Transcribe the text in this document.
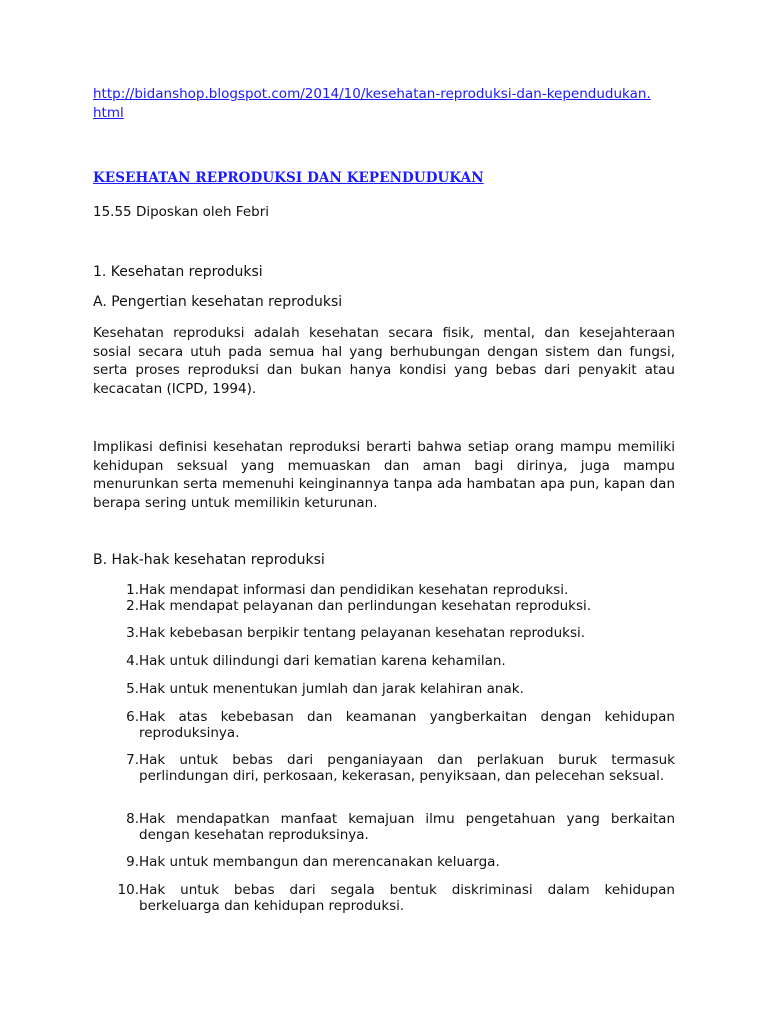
http://bidanshop.blogspot.com/2014/10/kesehatan-reproduksi-dan-kependudukan.html
KESEHATAN REPRODUKSI DAN KEPENDUDUKAN
15.55 Diposkan oleh Febri
1. Kesehatan reproduksi
A. Pengertian kesehatan reproduksi
Kesehatan reproduksi adalah kesehatan secara fisik, mental, dan kesejahteraan sosial secara utuh pada semua hal yang berhubungan dengan sistem dan fungsi, serta proses reproduksi dan bukan hanya kondisi yang bebas dari penyakit atau kecacatan (ICPD, 1994).
Implikasi definisi kesehatan reproduksi berarti bahwa setiap orang mampu memiliki kehidupan seksual yang memuaskan dan aman bagi dirinya, juga mampu menurunkan serta memenuhi keinginannya tanpa ada hambatan apa pun, kapan dan berapa sering untuk memilikin keturunan.
B. Hak-hak kesehatan reproduksi
1. Hak mendapat informasi dan pendidikan kesehatan reproduksi.
2. Hak mendapat pelayanan dan perlindungan kesehatan reproduksi.
3. Hak kebebasan berpikir tentang pelayanan kesehatan reproduksi.
4. Hak untuk dilindungi dari kematian karena kehamilan.
5. Hak untuk menentukan jumlah dan jarak kelahiran anak.
6. Hak atas kebebasan dan keamanan yangberkaitan dengan kehidupan reproduksinya.
7. Hak untuk bebas dari penganiayaan dan perlakuan buruk termasuk perlindungan diri, perkosaan, kekerasan, penyiksaan, dan pelecehan seksual.
8. Hak mendapatkan manfaat kemajuan ilmu pengetahuan yang berkaitan dengan kesehatan reproduksinya.
9. Hak untuk membangun dan merencanakan keluarga.
10. Hak untuk bebas dari segala bentuk diskriminasi dalam kehidupan berkeluarga dan kehidupan reproduksi.
